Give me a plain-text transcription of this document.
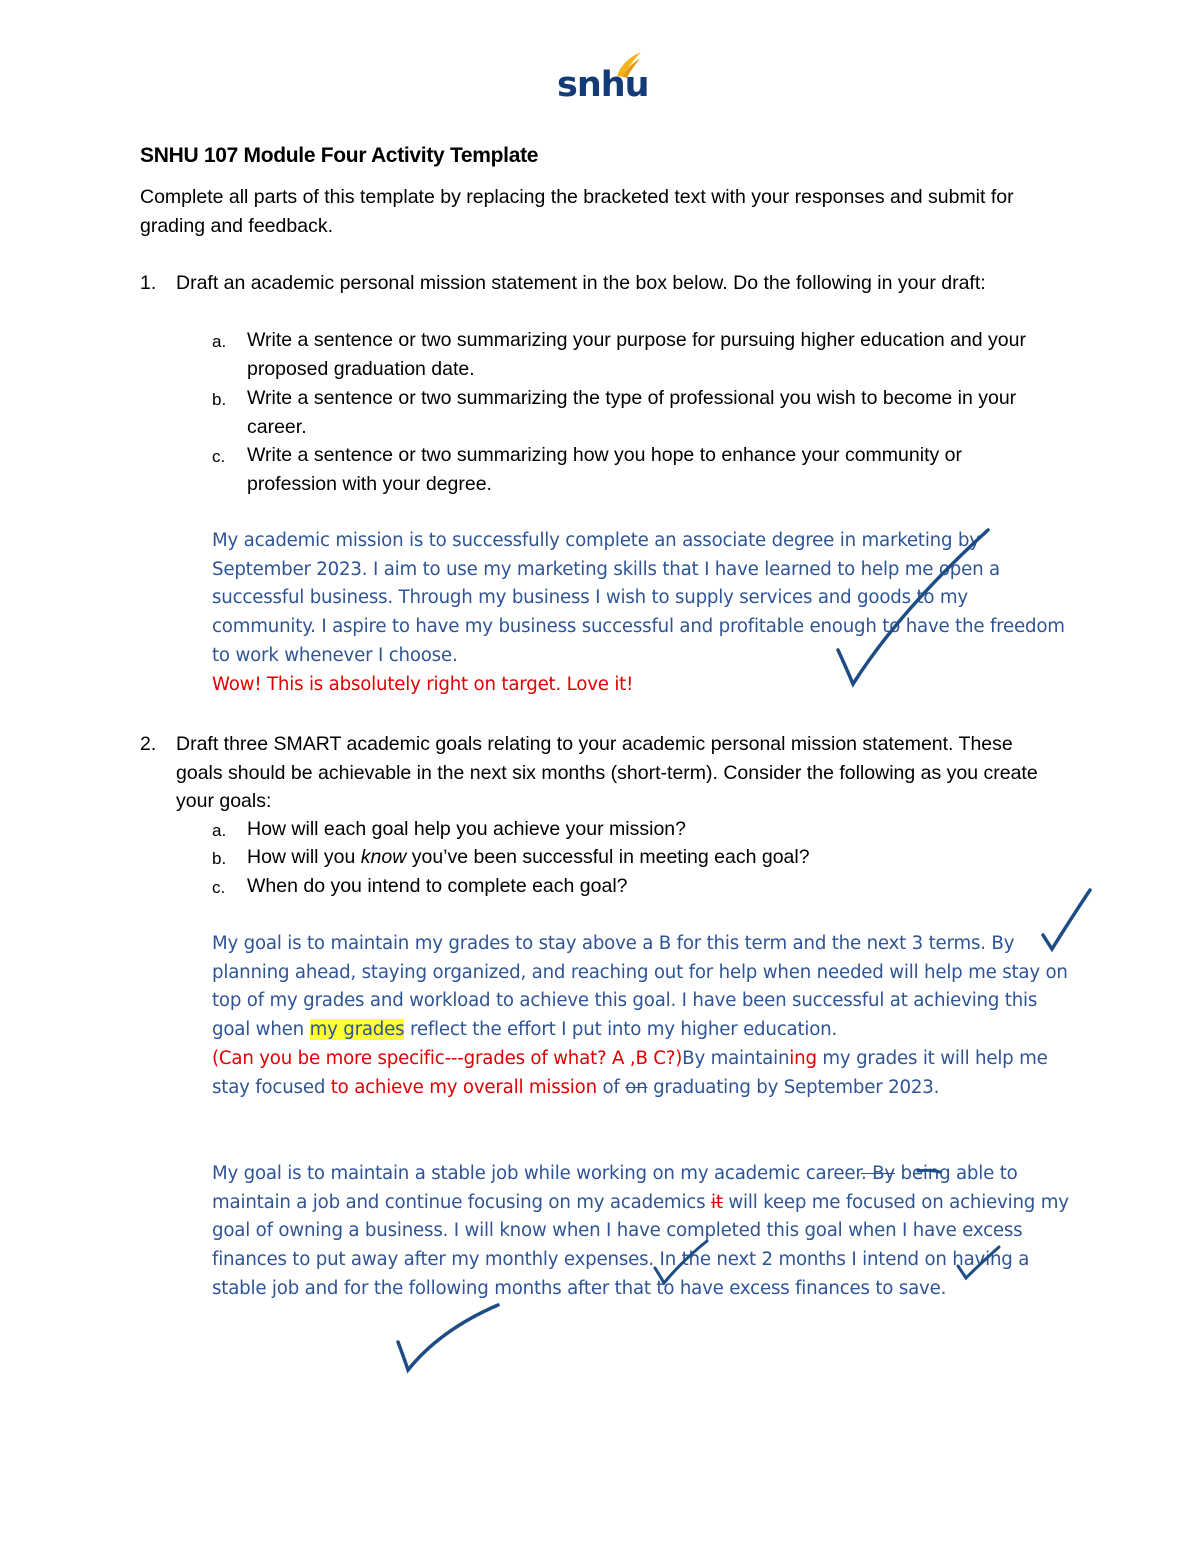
snhu
SNHU 107 Module Four Activity Template
Complete all parts of this template by replacing the bracketed text with your responses and submit for grading and feedback.
1. Draft an academic personal mission statement in the box below. Do the following in your draft:
a. Write a sentence or two summarizing your purpose for pursuing higher education and your proposed graduation date.
b. Write a sentence or two summarizing the type of professional you wish to become in your career.
c. Write a sentence or two summarizing how you hope to enhance your community or profession with your degree.
My academic mission is to successfully complete an associate degree in marketing by September 2023. I aim to use my marketing skills that I have learned to help me open a successful business. Through my business I wish to supply services and goods to my community. I aspire to have my business successful and profitable enough to have the freedom to work whenever I choose.
Wow! This is absolutely right on target. Love it!
2. Draft three SMART academic goals relating to your academic personal mission statement. These goals should be achievable in the next six months (short-term). Consider the following as you create your goals:
a. How will each goal help you achieve your mission?
b. How will you know you’ve been successful in meeting each goal?
c. When do you intend to complete each goal?
My goal is to maintain my grades to stay above a B for this term and the next 3 terms. By planning ahead, staying organized, and reaching out for help when needed will help me stay on top of my grades and workload to achieve this goal. I have been successful at achieving this goal when my grades reflect the effort I put into my higher education.
(Can you be more specific---grades of what? A ,B C?)By maintaining my grades it will help me stay focused to achieve my overall mission of on graduating by September 2023.
My goal is to maintain a stable job while working on my academic career. By being able to maintain a job and continue focusing on my academics it will keep me focused on achieving my goal of owning a business. I will know when I have completed this goal when I have excess finances to put away after my monthly expenses. In the next 2 months I intend on having a stable job and for the following months after that to have excess finances to save.
